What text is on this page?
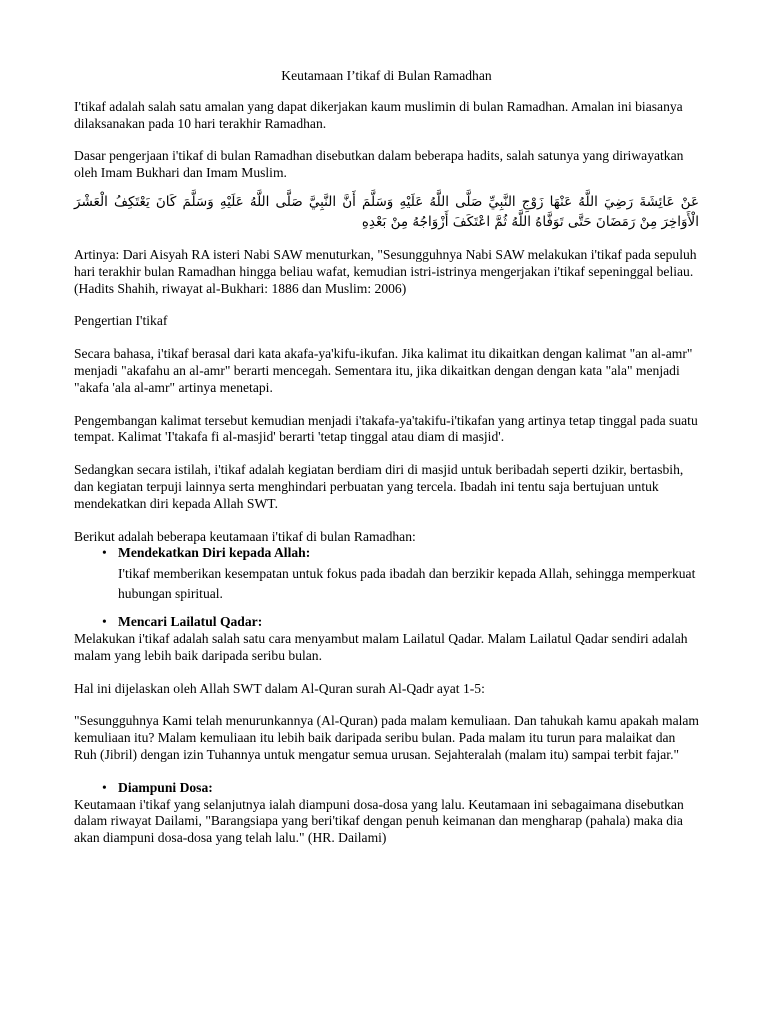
Keutamaan I’tikaf di Bulan Ramadhan

I'tikaf adalah salah satu amalan yang dapat dikerjakan kaum muslimin di bulan Ramadhan. Amalan ini biasanya dilaksanakan pada 10 hari terakhir Ramadhan.

Dasar pengerjaan i'tikaf di bulan Ramadhan disebutkan dalam beberapa hadits, salah satunya yang diriwayatkan oleh Imam Bukhari dan Imam Muslim.

عَنْ عَائِشَةَ رَضِيَ اللَّهُ عَنْهَا زَوْجِ النَّبِيِّ صَلَّى اللَّهُ عَلَيْهِ وَسَلَّمَ أَنَّ النَّبِيَّ صَلَّى اللَّهُ عَلَيْهِ وَسَلَّمَ كَانَ يَعْتَكِفُ الْعَشْرَ الْأَوَاخِرَ مِنْ رَمَضَانَ حَتَّى تَوَفَّاهُ اللَّهُ ثُمَّ اعْتَكَفَ أَزْوَاجُهُ مِنْ بَعْدِهِ

Artinya: Dari Aisyah RA isteri Nabi SAW menuturkan, "Sesungguhnya Nabi SAW melakukan i'tikaf pada sepuluh hari terakhir bulan Ramadhan hingga beliau wafat, kemudian istri-istrinya mengerjakan i'tikaf sepeninggal beliau. (Hadits Shahih, riwayat al-Bukhari: 1886 dan Muslim: 2006)

Pengertian I'tikaf

Secara bahasa, i'tikaf berasal dari kata akafa-ya'kifu-ikufan. Jika kalimat itu dikaitkan dengan kalimat "an al-amr" menjadi "akafahu an al-amr" berarti mencegah. Sementara itu, jika dikaitkan dengan dengan kata "ala" menjadi "akafa 'ala al-amr" artinya menetapi.

Pengembangan kalimat tersebut kemudian menjadi i'takafa-ya'takifu-i'tikafan yang artinya tetap tinggal pada suatu tempat. Kalimat 'I'takafa fi al-masjid' berarti 'tetap tinggal atau diam di masjid'.

Sedangkan secara istilah, i'tikaf adalah kegiatan berdiam diri di masjid untuk beribadah seperti dzikir, bertasbih, dan kegiatan terpuji lainnya serta menghindari perbuatan yang tercela. Ibadah ini tentu saja bertujuan untuk mendekatkan diri kepada Allah SWT.

Berikut adalah beberapa keutamaan i'tikaf di bulan Ramadhan:

• Mendekatkan Diri kepada Allah:

I'tikaf memberikan kesempatan untuk fokus pada ibadah dan berzikir kepada Allah, sehingga memperkuat hubungan spiritual.

• Mencari Lailatul Qadar:

Melakukan i'tikaf adalah salah satu cara menyambut malam Lailatul Qadar. Malam Lailatul Qadar sendiri adalah malam yang lebih baik daripada seribu bulan.

Hal ini dijelaskan oleh Allah SWT dalam Al-Quran surah Al-Qadr ayat 1-5:

"Sesungguhnya Kami telah menurunkannya (Al-Quran) pada malam kemuliaan. Dan tahukah kamu apakah malam kemuliaan itu? Malam kemuliaan itu lebih baik daripada seribu bulan. Pada malam itu turun para malaikat dan Ruh (Jibril) dengan izin Tuhannya untuk mengatur semua urusan. Sejahteralah (malam itu) sampai terbit fajar."

• Diampuni Dosa:

Keutamaan i'tikaf yang selanjutnya ialah diampuni dosa-dosa yang lalu. Keutamaan ini sebagaimana disebutkan dalam riwayat Dailami, "Barangsiapa yang beri'tikaf dengan penuh keimanan dan mengharap (pahala) maka dia akan diampuni dosa-dosa yang telah lalu." (HR. Dailami)
